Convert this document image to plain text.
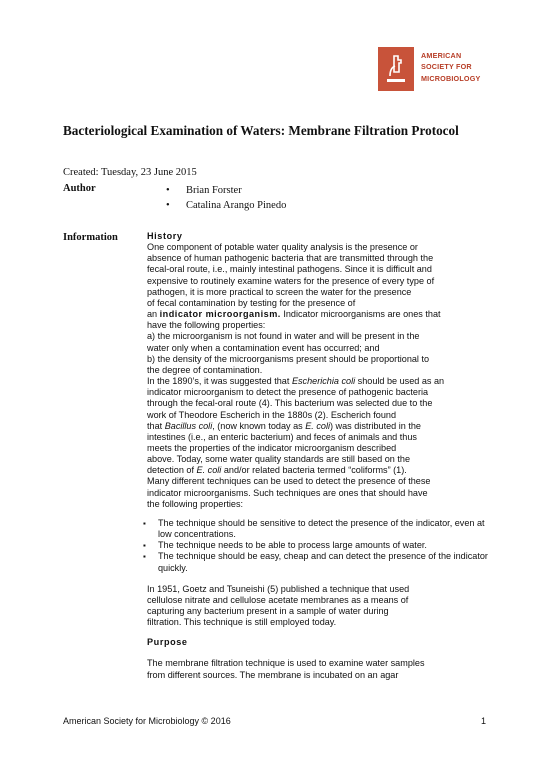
AMERICAN
SOCIETY FOR
MICROBIOLOGY
Bacteriological Examination of Waters: Membrane Filtration Protocol
Created: Tuesday, 23 June 2015
Author
•	Brian Forster
• Catalina Arango Pinedo
Information	History
One component of potable water quality analysis is the presence or
absence of human pathogenic bacteria that are transmitted through the
fecal-oral route, i.e., mainly intestinal pathogens. Since it is difficult and
expensive to routinely examine waters for the presence of every type of
pathogen, it is more practical to screen the water for the presence
of fecal contamination by testing for the presence of
an indicator microorganism. Indicator microorganisms are ones that
have the following properties:
a) the microorganism is not found in water and will be present in the
water only when a contamination event has occurred; and
b) the density of the microorganisms present should be proportional to
the degree of contamination.
In the 1890’s, it was suggested that Escherichia coli should be used as an
indicator microorganism to detect the presence of pathogenic bacteria
through the fecal-oral route (4). This bacterium was selected due to the
work of Theodore Escherich in the 1880s (2). Escherich found
that Bacillus coli, (now known today as E. coli) was distributed in the
intestines (i.e., an enteric bacterium) and feces of animals and thus
meets the properties of the indicator microorganism described
above. Today, some water quality standards are still based on the
detection of E. coli and/or related bacteria termed “coliforms” (1).
Many different techniques can be used to detect the presence of these
indicator microorganisms. Such techniques are ones that should have
the following properties:
▪ The technique should be sensitive to detect the presence of the indicator, even at low concentrations.
▪ The technique needs to be able to process large amounts of water.
▪ The technique should be easy, cheap and can detect the presence of the indicator quickly.
In 1951, Goetz and Tsuneishi (5) published a technique that used
cellulose nitrate and cellulose acetate membranes as a means of
capturing any bacterium present in a sample of water during
filtration. This technique is still employed today.
Purpose
The membrane filtration technique is used to examine water samples
from different sources. The membrane is incubated on an agar
American Society for Microbiology © 2016	1
